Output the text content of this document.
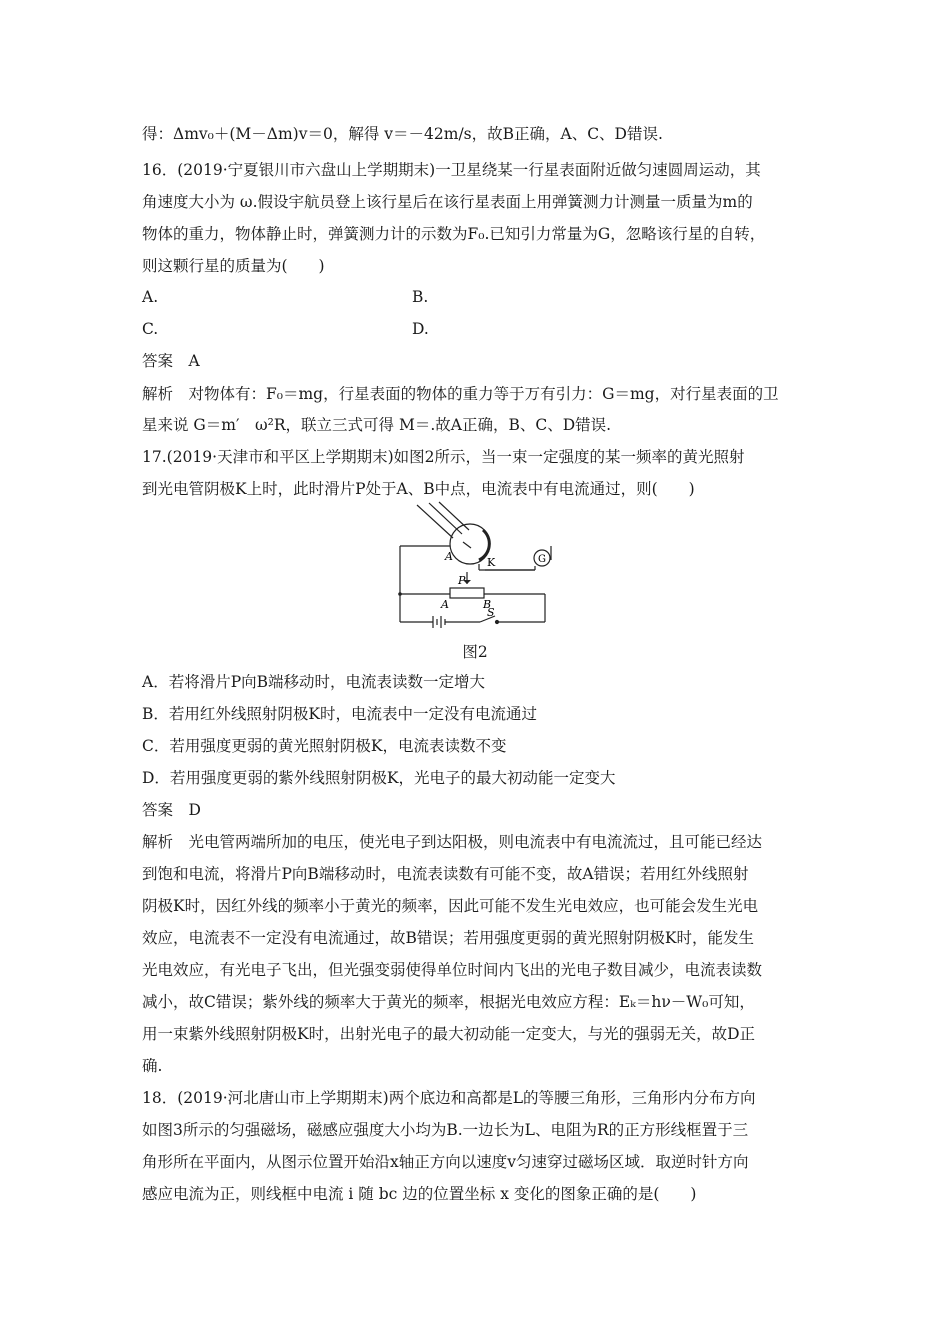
得：Δmv₀＋(M－Δm)v＝0，解得 v＝－42m/s，故B正确，A、C、D错误.
16．(2019·宁夏银川市六盘山上学期期末)一卫星绕某一行星表面附近做匀速圆周运动，其
角速度大小为 ω.假设宇航员登上该行星后在该行星表面上用弹簧测力计测量一质量为m的
物体的重力，物体静止时，弹簧测力计的示数为F₀.已知引力常量为G，忽略该行星的自转，
则这颗行星的质量为(　　)
A.	B.
C.	D.
答案　A
解析　对物体有：F₀＝mg，行星表面的物体的重力等于万有引力：G＝mg，对行星表面的卫
星来说 G＝m′　ω²R，联立三式可得 M＝.故A正确，B、C、D错误.
17.(2019·天津市和平区上学期期末)如图2所示，当一束一定强度的某一频率的黄光照射
到光电管阴极K上时，此时滑片P处于A、B中点，电流表中有电流通过，则(　　)
A	K	G
P
A	B
S
图2
A．若将滑片P向B端移动时，电流表读数一定增大
B．若用红外线照射阴极K时，电流表中一定没有电流通过
C．若用强度更弱的黄光照射阴极K，电流表读数不变
D．若用强度更弱的紫外线照射阴极K，光电子的最大初动能一定变大
答案　D
解析　光电管两端所加的电压，使光电子到达阳极，则电流表中有电流流过，且可能已经达
到饱和电流，将滑片P向B端移动时，电流表读数有可能不变，故A错误；若用红外线照射
阴极K时，因红外线的频率小于黄光的频率，因此可能不发生光电效应，也可能会发生光电
效应，电流表不一定没有电流通过，故B错误；若用强度更弱的黄光照射阴极K时，能发生
光电效应，有光电子飞出，但光强变弱使得单位时间内飞出的光电子数目减少，电流表读数
减小，故C错误；紫外线的频率大于黄光的频率，根据光电效应方程：Eₖ＝hν－W₀可知，
用一束紫外线照射阴极K时，出射光电子的最大初动能一定变大，与光的强弱无关，故D正
确.
18．(2019·河北唐山市上学期期末)两个底边和高都是L的等腰三角形，三角形内分布方向
如图3所示的匀强磁场，磁感应强度大小均为B.一边长为L、电阻为R的正方形线框置于三
角形所在平面内，从图示位置开始沿x轴正方向以速度v匀速穿过磁场区域．取逆时针方向
感应电流为正，则线框中电流 i 随 bc 边的位置坐标 x 变化的图象正确的是(　　)
